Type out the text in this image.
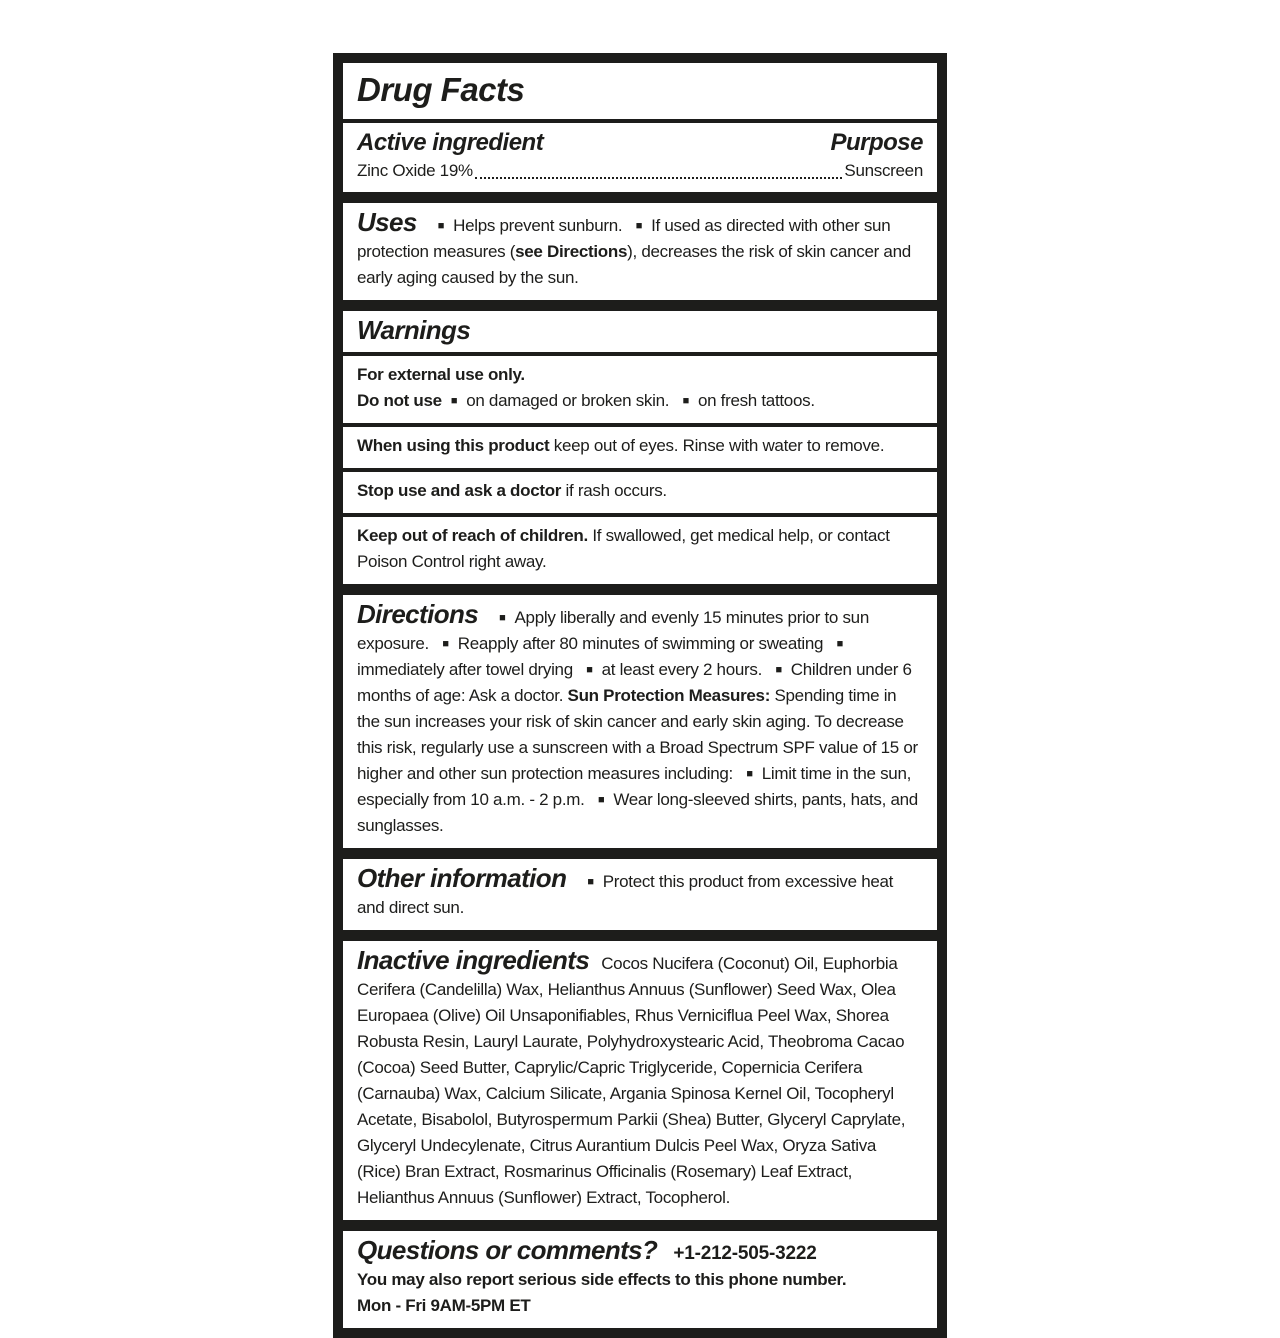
Drug Facts
Active ingredient	Purpose
Zinc Oxide 19%	Sunscreen

Uses ■ Helps prevent sunburn. ■ If used as directed with other sun protection measures (see Directions), decreases the risk of skin cancer and early aging caused by the sun.

Warnings

For external use only.
Do not use ■ on damaged or broken skin. ■ on fresh tattoos.

When using this product keep out of eyes. Rinse with water to remove.

Stop use and ask a doctor if rash occurs.

Keep out of reach of children. If swallowed, get medical help, or contact Poison Control right away.

Directions ■ Apply liberally and evenly 15 minutes prior to sun exposure. ■ Reapply after 80 minutes of swimming or sweating ■immediately after towel drying ■ at least every 2 hours. ■ Children under 6 months of age: Ask a doctor. Sun Protection Measures: Spending time in the sun increases your risk of skin cancer and early skin aging. To decrease this risk, regularly use a sunscreen with a Broad Spectrum SPF value of 15 or higher and other sun protection measures including: ■ Limit time in the sun, especially from 10 a.m. - 2 p.m. ■ Wear long-sleeved shirts, pants, hats, and sunglasses.

Other information ■ Protect this product from excessive heat and direct sun.

Inactive ingredients Cocos Nucifera (Coconut) Oil, Euphorbia Cerifera (Candelilla) Wax, Helianthus Annuus (Sunflower) Seed Wax, Olea Europaea (Olive) Oil Unsaponifiables, Rhus Verniciflua Peel Wax, Shorea Robusta Resin, Lauryl Laurate, Polyhydroxystearic Acid, Theobroma Cacao (Cocoa) Seed Butter, Caprylic/Capric Triglyceride, Copernicia Cerifera (Carnauba) Wax, Calcium Silicate, Argania Spinosa Kernel Oil, Tocopheryl Acetate, Bisabolol, Butyrospermum Parkii (Shea) Butter, Glyceryl Caprylate, Glyceryl Undecylenate, Citrus Aurantium Dulcis Peel Wax, Oryza Sativa (Rice) Bran Extract, Rosmarinus Officinalis (Rosemary) Leaf Extract, Helianthus Annuus (Sunflower) Extract, Tocopherol.

Questions or comments? +1-212-505-3222
You may also report serious side effects to this phone number.
Mon - Fri 9AM-5PM ET
